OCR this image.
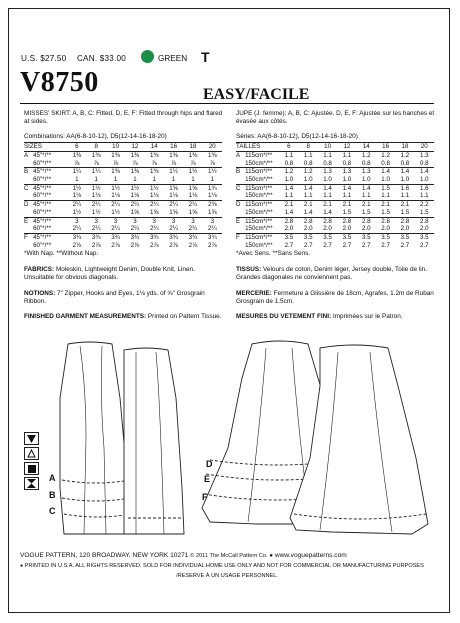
U.S. $27.50 CAN. $33.00	GREEN T
V8750	EASY/FACILE
MISSES' SKIRT: A, B, C: Fitted. D, E, F: Fitted through hips and flared at sides.
Combinations: AA(6-8-10-12), D5(12-14-16-18-20)
SIZES		6	8	10	12	14	16	18	20
A	45"*/**	1⅜	1⅜	1⅜	1⅜	1⅜	1⅜	1⅜	1⅜
	60"*/**	⅞	⅞	⅞	⅞	⅞	⅞	⅞	⅞
B	45"*/**	1¼	1¼	1⅜	1⅜	1⅜	1½	1½	1½
	60"*/**	1	1	1	1	1	1	1	1
C	45"*/**	1½	1½	1½	1½	1½	1⅝	1⅝	1¾
	60"*/**	1⅛	1⅛	1⅛	1⅛	1⅛	1⅛	1⅛	1⅛
D	45"*/**	2¼	2¼	2¼	2¼	2¼	2¼	2¼	2⅜
	60"*/**	1½	1½	1½	1⅝	1⅝	1⅝	1⅝	1⅝
E	45"*/**	3	3	3	3	3	3	3	3
	60"*/**	2¼	2¼	2¼	2¼	2¼	2¼	2¼	2¼
F	45"*/**	3¾	3¾	3¾	3¾	3¾	3¾	3¾	3¾
	60"*/**	2⅞	2⅞	2⅞	2⅞	2⅞	2⅞	2⅞	2⅞
*With Nap. **Without Nap.
FABRICS: Moleskin, Lightweight Denim, Double Knit, Linen. Unsuitable for obvious diagonals.
NOTIONS: 7" Zipper, Hooks and Eyes, 1⅛ yds. of ⅝" Grosgrain Ribbon.
FINISHED GARMENT MEASUREMENTS: Printed on Pattern Tissue.
JUPE (J. femme): A, B, C: Ajustée. D, E, F: Ajustée sur les hanches et évasée aux côtés.
Séries: AA(6-8-10-12), D5(12-14-16-18-20)
TAILLES		6	8	10	12	14	16	18	20
A	115cm*/**	1.1	1.1	1.1	1.1	1.2	1.2	1.2	1.3
	150cm*/**	0.8	0.8	0.8	0.8	0.8	0.8	0.8	0.8
B	115cm*/**	1.2	1.2	1.3	1.3	1.3	1.4	1.4	1.4
	150cm*/**	1.0	1.0	1.0	1.0	1.0	1.0	1.0	1.0
C	115cm*/**	1.4	1.4	1.4	1.4	1.4	1.5	1.6	1.6
	150cm*/**	1.1	1.1	1.1	1.1	1.1	1.1	1.1	1.1
D	115cm*/**	2.1	2.1	2.1	2.1	2.1	2.1	2.1	2.2
	150cm*/**	1.4	1.4	1.4	1.5	1.5	1.5	1.5	1.5
E	115cm*/**	2.8	2.8	2.8	2.8	2.8	2.8	2.8	2.8
	150cm*/**	2.0	2.0	2.0	2.0	2.0	2.0	2.0	2.0
F	115cm*/**	3.5	3.5	3.5	3.5	3.5	3.5	3.5	3.5
	150cm*/**	2.7	2.7	2.7	2.7	2.7	2.7	2.7	2.7
*Avec Sens. **Sans Sens.
TISSUS: Velours de coton, Denim léger, Jersey double, Toile de lin. Grandes diagonales ne conviennent pas.
MERCERIE: Fermeture à Glissière de 18cm, Agrafes, 1.2m de Ruban Grosgrain de 1.5cm.
MESURES DU VETEMENT FINI: Imprimées sur le Patron.
A
B
C
D
E
F
VOGUE PATTERN, 120 BROADWAY, NEW YORK 10271 © 2011 The McCall Pattern Co. ● www.voguepatterns.com
● PRINTED IN U.S.A. ALL RIGHTS RESERVED. SOLD FOR INDIVIDUAL HOME USE ONLY AND NOT FOR COMMERCIAL OR MANUFACTURING PURPOSES
/RESERVE À UN USAGE PERSONNEL.
